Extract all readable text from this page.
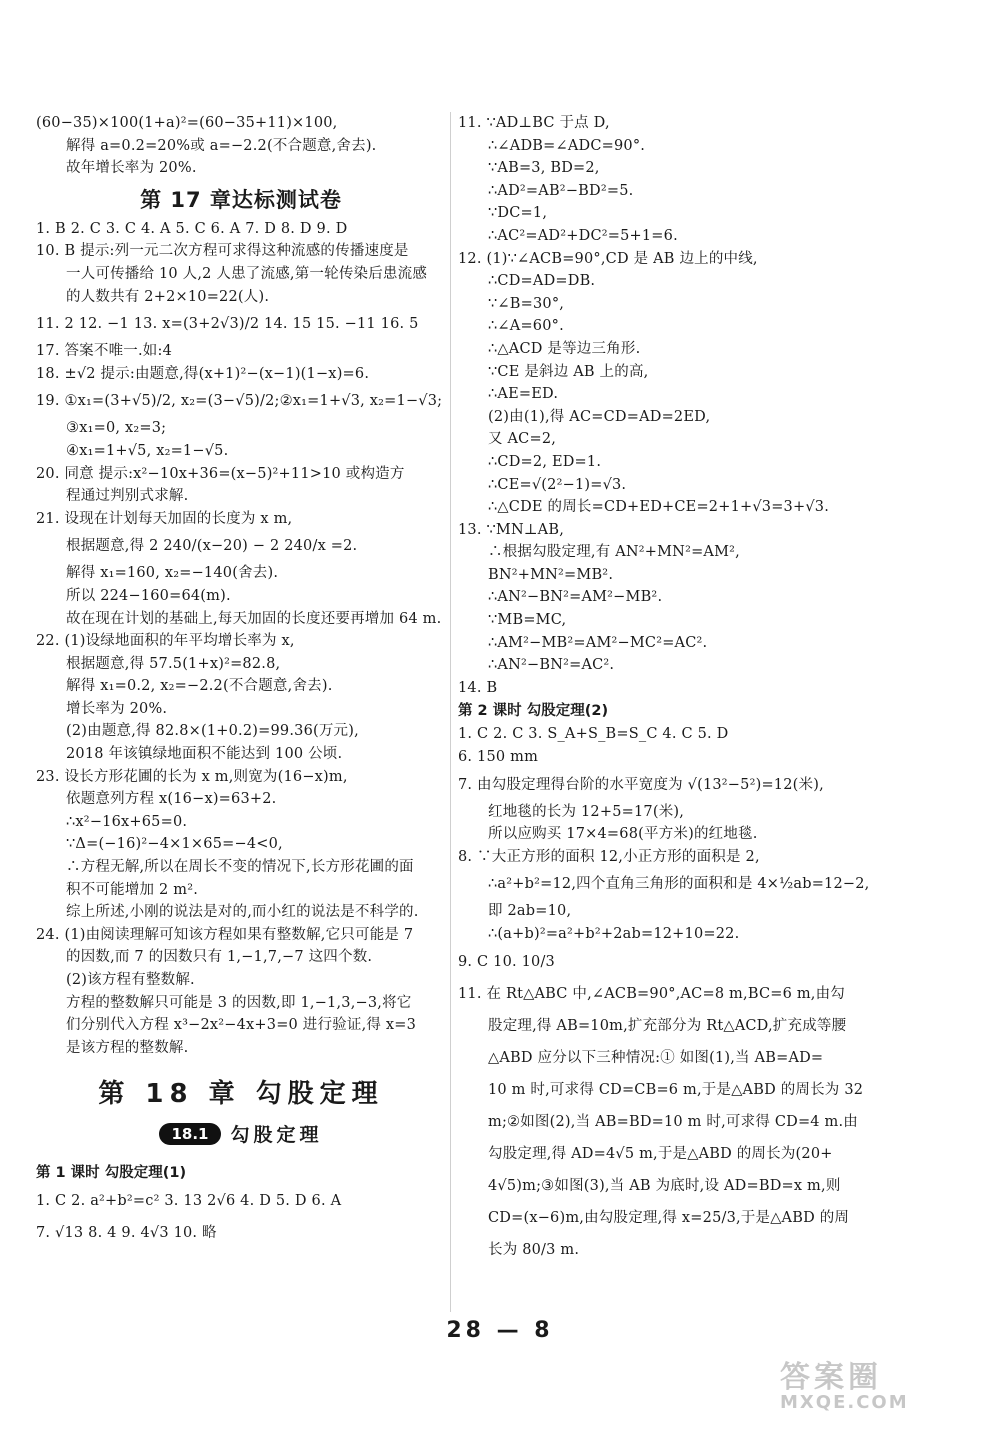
(60−35)×100(1+a)²=(60−35+11)×100,
解得 a=0.2=20%或 a=−2.2(不合题意,舍去).
故年增长率为 20%.
第 17 章达标测试卷
1. B 2. C 3. C 4. A 5. C 6. A 7. D 8. D 9. D
10. B 提示:列一元二次方程可求得这种流感的传播速度是
一人可传播给 10 人,2 人患了流感,第一轮传染后患流感
的人数共有 2+2×10=22(人).
11. 2 12. −1 13. x=(3+2√3)/2 14. 15 15. −11 16. 5
17. 答案不唯一.如:4
18. ±√2 提示:由题意,得(x+1)²−(x−1)(1−x)=6.
19. ①x₁=(3+√5)/2, x₂=(3−√5)/2;②x₁=1+√3, x₂=1−√3;
③x₁=0, x₂=3;
④x₁=1+√5, x₂=1−√5.
20. 同意 提示:x²−10x+36=(x−5)²+11>10 或构造方
程通过判别式求解.
21. 设现在计划每天加固的长度为 x m,
根据题意,得 2 240/(x−20) − 2 240/x =2.
解得 x₁=160, x₂=−140(舍去).
所以 224−160=64(m).
故在现在计划的基础上,每天加固的长度还要再增加 64 m.
22. (1)设绿地面积的年平均增长率为 x,
根据题意,得 57.5(1+x)²=82.8,
解得 x₁=0.2, x₂=−2.2(不合题意,舍去).
增长率为 20%.
(2)由题意,得 82.8×(1+0.2)=99.36(万元),
2018 年该镇绿地面积不能达到 100 公顷.
23. 设长方形花圃的长为 x m,则宽为(16−x)m,
依题意列方程 x(16−x)=63+2.
∴x²−16x+65=0.
∵Δ=(−16)²−4×1×65=−4<0,
∴方程无解,所以在周长不变的情况下,长方形花圃的面
积不可能增加 2 m².
综上所述,小刚的说法是对的,而小红的说法是不科学的.
24. (1)由阅读理解可知该方程如果有整数解,它只可能是 7
的因数,而 7 的因数只有 1,−1,7,−7 这四个数.
(2)该方程有整数解.
方程的整数解只可能是 3 的因数,即 1,−1,3,−3,将它
们分别代入方程 x³−2x²−4x+3=0 进行验证,得 x=3
是该方程的整数解.
第 18 章 勾股定理
18.1	勾股定理
第 1 课时 勾股定理(1)
1. C 2. a²+b²=c² 3. 13 2√6 4. D 5. D 6. A
7. √13 8. 4 9. 4√3 10. 略
11. ∵AD⊥BC 于点 D,
∴∠ADB=∠ADC=90°.
∵AB=3, BD=2,
∴AD²=AB²−BD²=5.
∵DC=1,
∴AC²=AD²+DC²=5+1=6.
12. (1)∵∠ACB=90°,CD 是 AB 边上的中线,
∴CD=AD=DB.
∵∠B=30°,
∴∠A=60°.
∴△ACD 是等边三角形.
∵CE 是斜边 AB 上的高,
∴AE=ED.
(2)由(1),得 AC=CD=AD=2ED,
又 AC=2,
∴CD=2, ED=1.
∴CE=√(2²−1)=√3.
∴△CDE 的周长=CD+ED+CE=2+1+√3=3+√3.
13. ∵MN⊥AB,
∴根据勾股定理,有 AN²+MN²=AM²,
BN²+MN²=MB².
∴AN²−BN²=AM²−MB².
∵MB=MC,
∴AM²−MB²=AM²−MC²=AC².
∴AN²−BN²=AC².
14. B
第 2 课时 勾股定理(2)
1. C 2. C 3. S_A+S_B=S_C 4. C 5. D
6. 150 mm
7. 由勾股定理得台阶的水平宽度为 √(13²−5²)=12(米),
红地毯的长为 12+5=17(米),
所以应购买 17×4=68(平方米)的红地毯.
8. ∵大正方形的面积 12,小正方形的面积是 2,
∴a²+b²=12,四个直角三角形的面积和是 4×½ab=12−2,
即 2ab=10,
∴(a+b)²=a²+b²+2ab=12+10=22.
9. C 10. 10/3
11. 在 Rt△ABC 中,∠ACB=90°,AC=8 m,BC=6 m,由勾
股定理,得 AB=10m,扩充部分为 Rt△ACD,扩充成等腰
△ABD 应分以下三种情况:① 如图(1),当 AB=AD=
10 m 时,可求得 CD=CB=6 m,于是△ABD 的周长为 32
m;②如图(2),当 AB=BD=10 m 时,可求得 CD=4 m.由
勾股定理,得 AD=4√5 m,于是△ABD 的周长为(20+
4√5)m;③如图(3),当 AB 为底时,设 AD=BD=x m,则
CD=(x−6)m,由勾股定理,得 x=25/3,于是△ABD 的周
长为 80/3 m.
28 — 8
答案圈
MXQE.COM
